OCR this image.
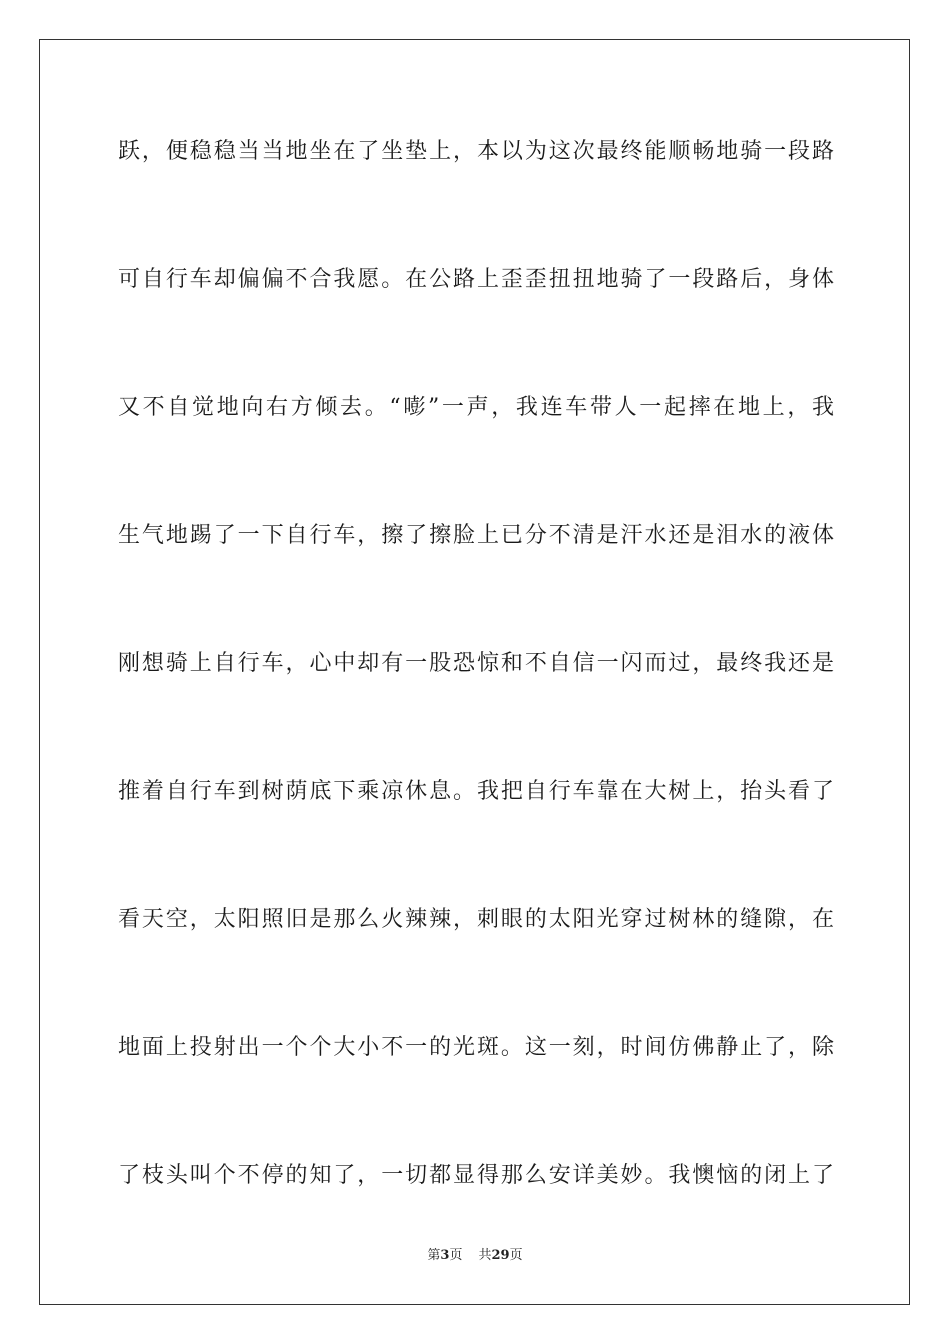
跃，便稳稳当当地坐在了坐垫上，本以为这次最终能顺畅地骑一段路
可自行车却偏偏不合我愿。在公路上歪歪扭扭地骑了一段路后，身体
又不自觉地向右方倾去。“嘭”一声，我连车带人一起摔在地上，我
生气地踢了一下自行车，擦了擦脸上已分不清是汗水还是泪水的液体
刚想骑上自行车，心中却有一股恐惊和不自信一闪而过，最终我还是
推着自行车到树荫底下乘凉休息。我把自行车靠在大树上，抬头看了
看天空，太阳照旧是那么火辣辣，刺眼的太阳光穿过树林的缝隙，在
地面上投射出一个个大小不一的光斑。这一刻，时间仿佛静止了，除
了枝头叫个不停的知了，一切都显得那么安详美妙。我懊恼的闭上了
第3页 共29页
